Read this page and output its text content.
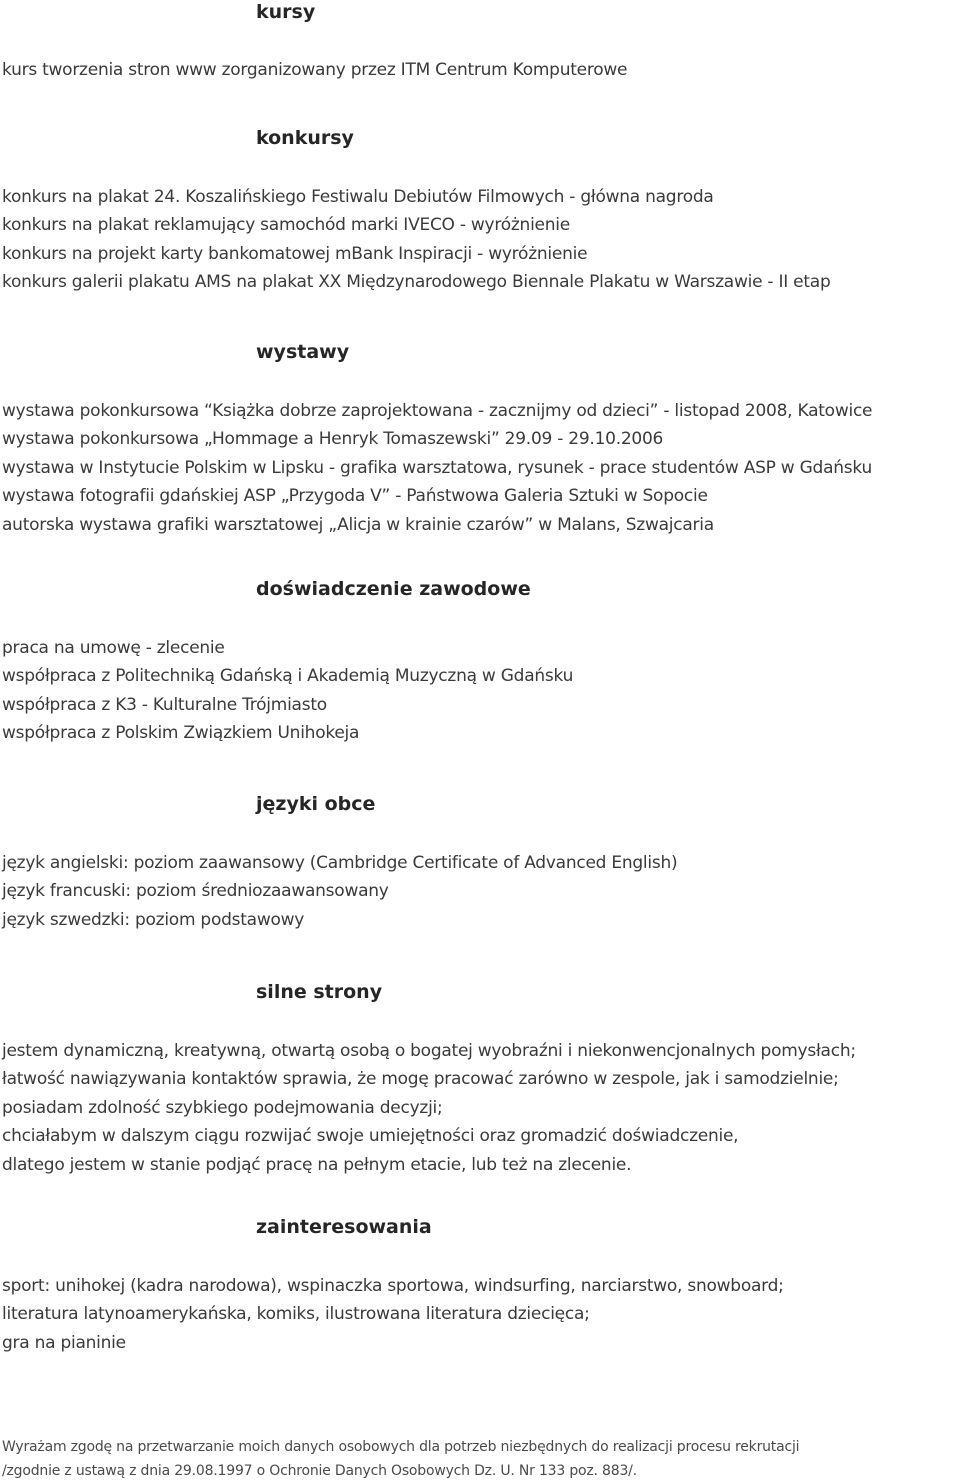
kursy
kurs tworzenia stron www zorganizowany przez ITM Centrum Komputerowe
konkursy
konkurs na plakat 24. Koszalińskiego Festiwalu Debiutów Filmowych - główna nagroda
konkurs na plakat reklamujący samochód marki IVECO - wyróżnienie
konkurs na projekt karty bankomatowej mBank Inspiracji - wyróżnienie
konkurs galerii plakatu AMS na plakat XX Międzynarodowego Biennale Plakatu w Warszawie - II etap
wystawy
wystawa pokonkursowa “Książka dobrze zaprojektowana - zacznijmy od dzieci” - listopad 2008, Katowice
wystawa pokonkursowa „Hommage a Henryk Tomaszewski” 29.09 - 29.10.2006
wystawa w Instytucie Polskim w Lipsku - grafika warsztatowa, rysunek - prace studentów ASP w Gdańsku
wystawa fotografii gdańskiej ASP „Przygoda V” - Państwowa Galeria Sztuki w Sopocie
autorska wystawa grafiki warsztatowej „Alicja w krainie czarów” w Malans, Szwajcaria
doświadczenie zawodowe
praca na umowę - zlecenie
współpraca z Politechniką Gdańską i Akademią Muzyczną w Gdańsku
współpraca z K3 - Kulturalne Trójmiasto
współpraca z Polskim Związkiem Unihokeja
języki obce
język angielski: poziom zaawansowy (Cambridge Certificate of Advanced English)
język francuski: poziom średniozaawansowany
język szwedzki: poziom podstawowy
silne strony
jestem dynamiczną, kreatywną, otwartą osobą o bogatej wyobraźni i niekonwencjonalnych pomysłach;
łatwość nawiązywania kontaktów sprawia, że mogę pracować zarówno w zespole, jak i samodzielnie;
posiadam zdolność szybkiego podejmowania decyzji;
chciałabym w dalszym ciągu rozwijać swoje umiejętności oraz gromadzić doświadczenie,
dlatego jestem w stanie podjąć pracę na pełnym etacie, lub też na zlecenie.
zainteresowania
sport: unihokej (kadra narodowa), wspinaczka sportowa, windsurfing, narciarstwo, snowboard;
literatura latynoamerykańska, komiks, ilustrowana literatura dziecięca;
gra na pianinie
Wyrażam zgodę na przetwarzanie moich danych osobowych dla potrzeb niezbędnych do realizacji procesu rekrutacji
/zgodnie z ustawą z dnia 29.08.1997 o Ochronie Danych Osobowych Dz. U. Nr 133 poz. 883/.
